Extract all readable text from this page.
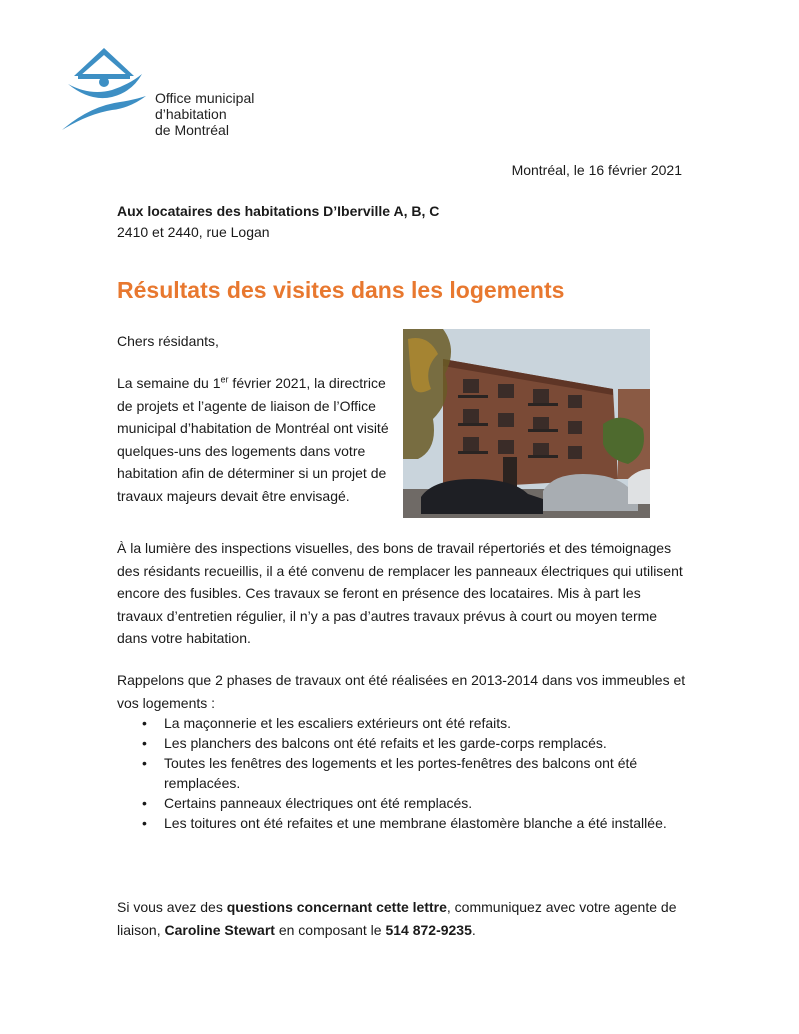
Office municipal
d’habitation
de Montréal
Montréal, le 16 février 2021
Aux locataires des habitations D’Iberville A, B, C
2410 et 2440, rue Logan
Résultats des visites dans les logements
Chers résidants,
La semaine du 1er février 2021, la directrice de projets et l’agente de liaison de l’Office municipal d’habitation de Montréal ont visité quelques-uns des logements dans votre habitation afin de déterminer si un projet de travaux majeurs devait être envisagé.
À la lumière des inspections visuelles, des bons de travail répertoriés et des témoignages des résidants recueillis, il a été convenu de remplacer les panneaux électriques qui utilisent encore des fusibles. Ces travaux se feront en présence des locataires. Mis à part les travaux d’entretien régulier, il n’y a pas d’autres travaux prévus à court ou moyen terme dans votre habitation.
Rappelons que 2 phases de travaux ont été réalisées en 2013-2014 dans vos immeubles et vos logements :
• La maçonnerie et les escaliers extérieurs ont été refaits.
• Les planchers des balcons ont été refaits et les garde-corps remplacés.
• Toutes les fenêtres des logements et les portes-fenêtres des balcons ont été remplacées.
• Certains panneaux électriques ont été remplacés.
• Les toitures ont été refaites et une membrane élastomère blanche a été installée.
Si vous avez des questions concernant cette lettre, communiquez avec votre agente de liaison, Caroline Stewart en composant le 514 872-9235.
